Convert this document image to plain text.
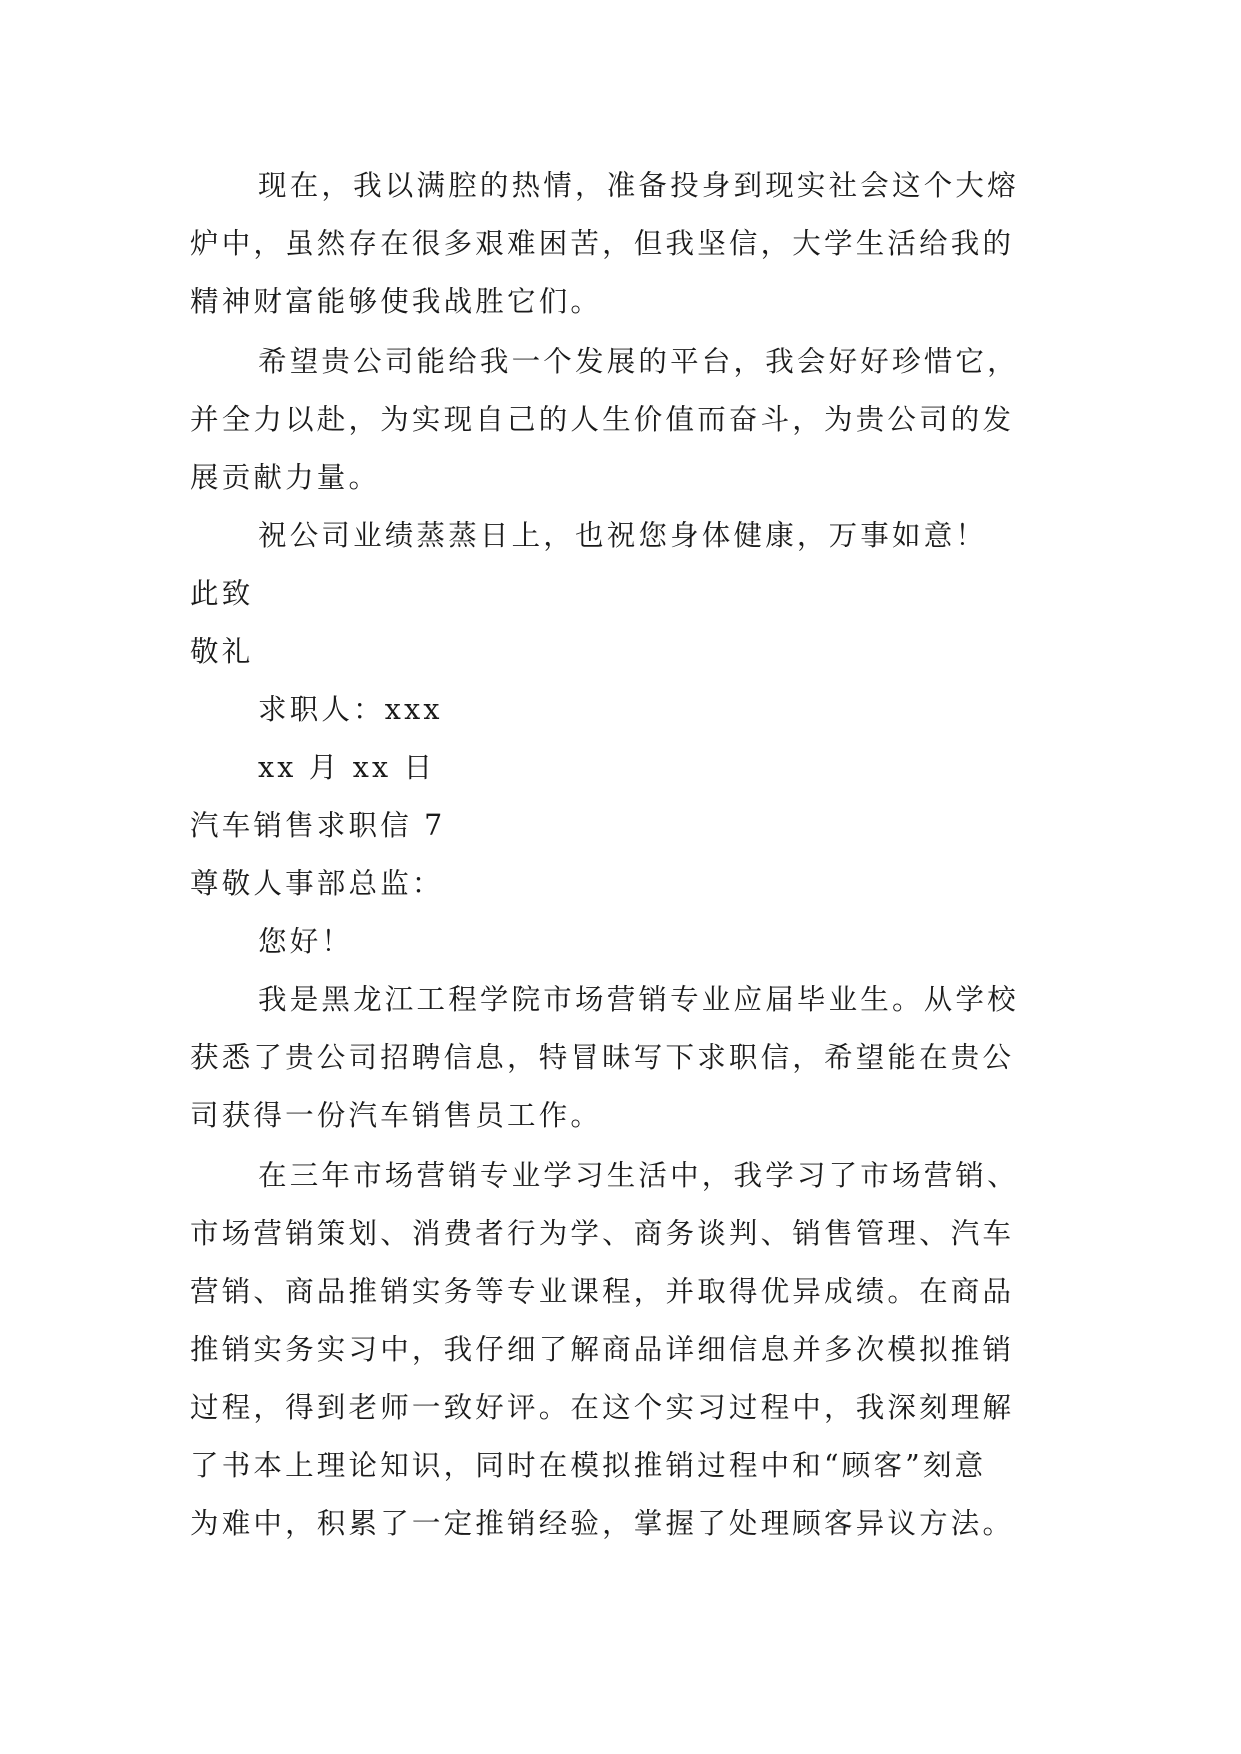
现在，我以满腔的热情，准备投身到现实社会这个大熔
炉中，虽然存在很多艰难困苦，但我坚信，大学生活给我的
精神财富能够使我战胜它们。
希望贵公司能给我一个发展的平台，我会好好珍惜它，
并全力以赴，为实现自己的人生价值而奋斗，为贵公司的发
展贡献力量。
祝公司业绩蒸蒸日上，也祝您身体健康，万事如意！
此致
敬礼
求职人：xxx
xx 月 xx 日
汽车销售求职信 7
尊敬人事部总监：
您好！
我是黑龙江工程学院市场营销专业应届毕业生。从学校
获悉了贵公司招聘信息，特冒昧写下求职信，希望能在贵公
司获得一份汽车销售员工作。
在三年市场营销专业学习生活中，我学习了市场营销、
市场营销策划、消费者行为学、商务谈判、销售管理、汽车
营销、商品推销实务等专业课程，并取得优异成绩。在商品
推销实务实习中，我仔细了解商品详细信息并多次模拟推销
过程，得到老师一致好评。在这个实习过程中，我深刻理解
了书本上理论知识，同时在模拟推销过程中和“顾客”刻意
为难中，积累了一定推销经验，掌握了处理顾客异议方法。
